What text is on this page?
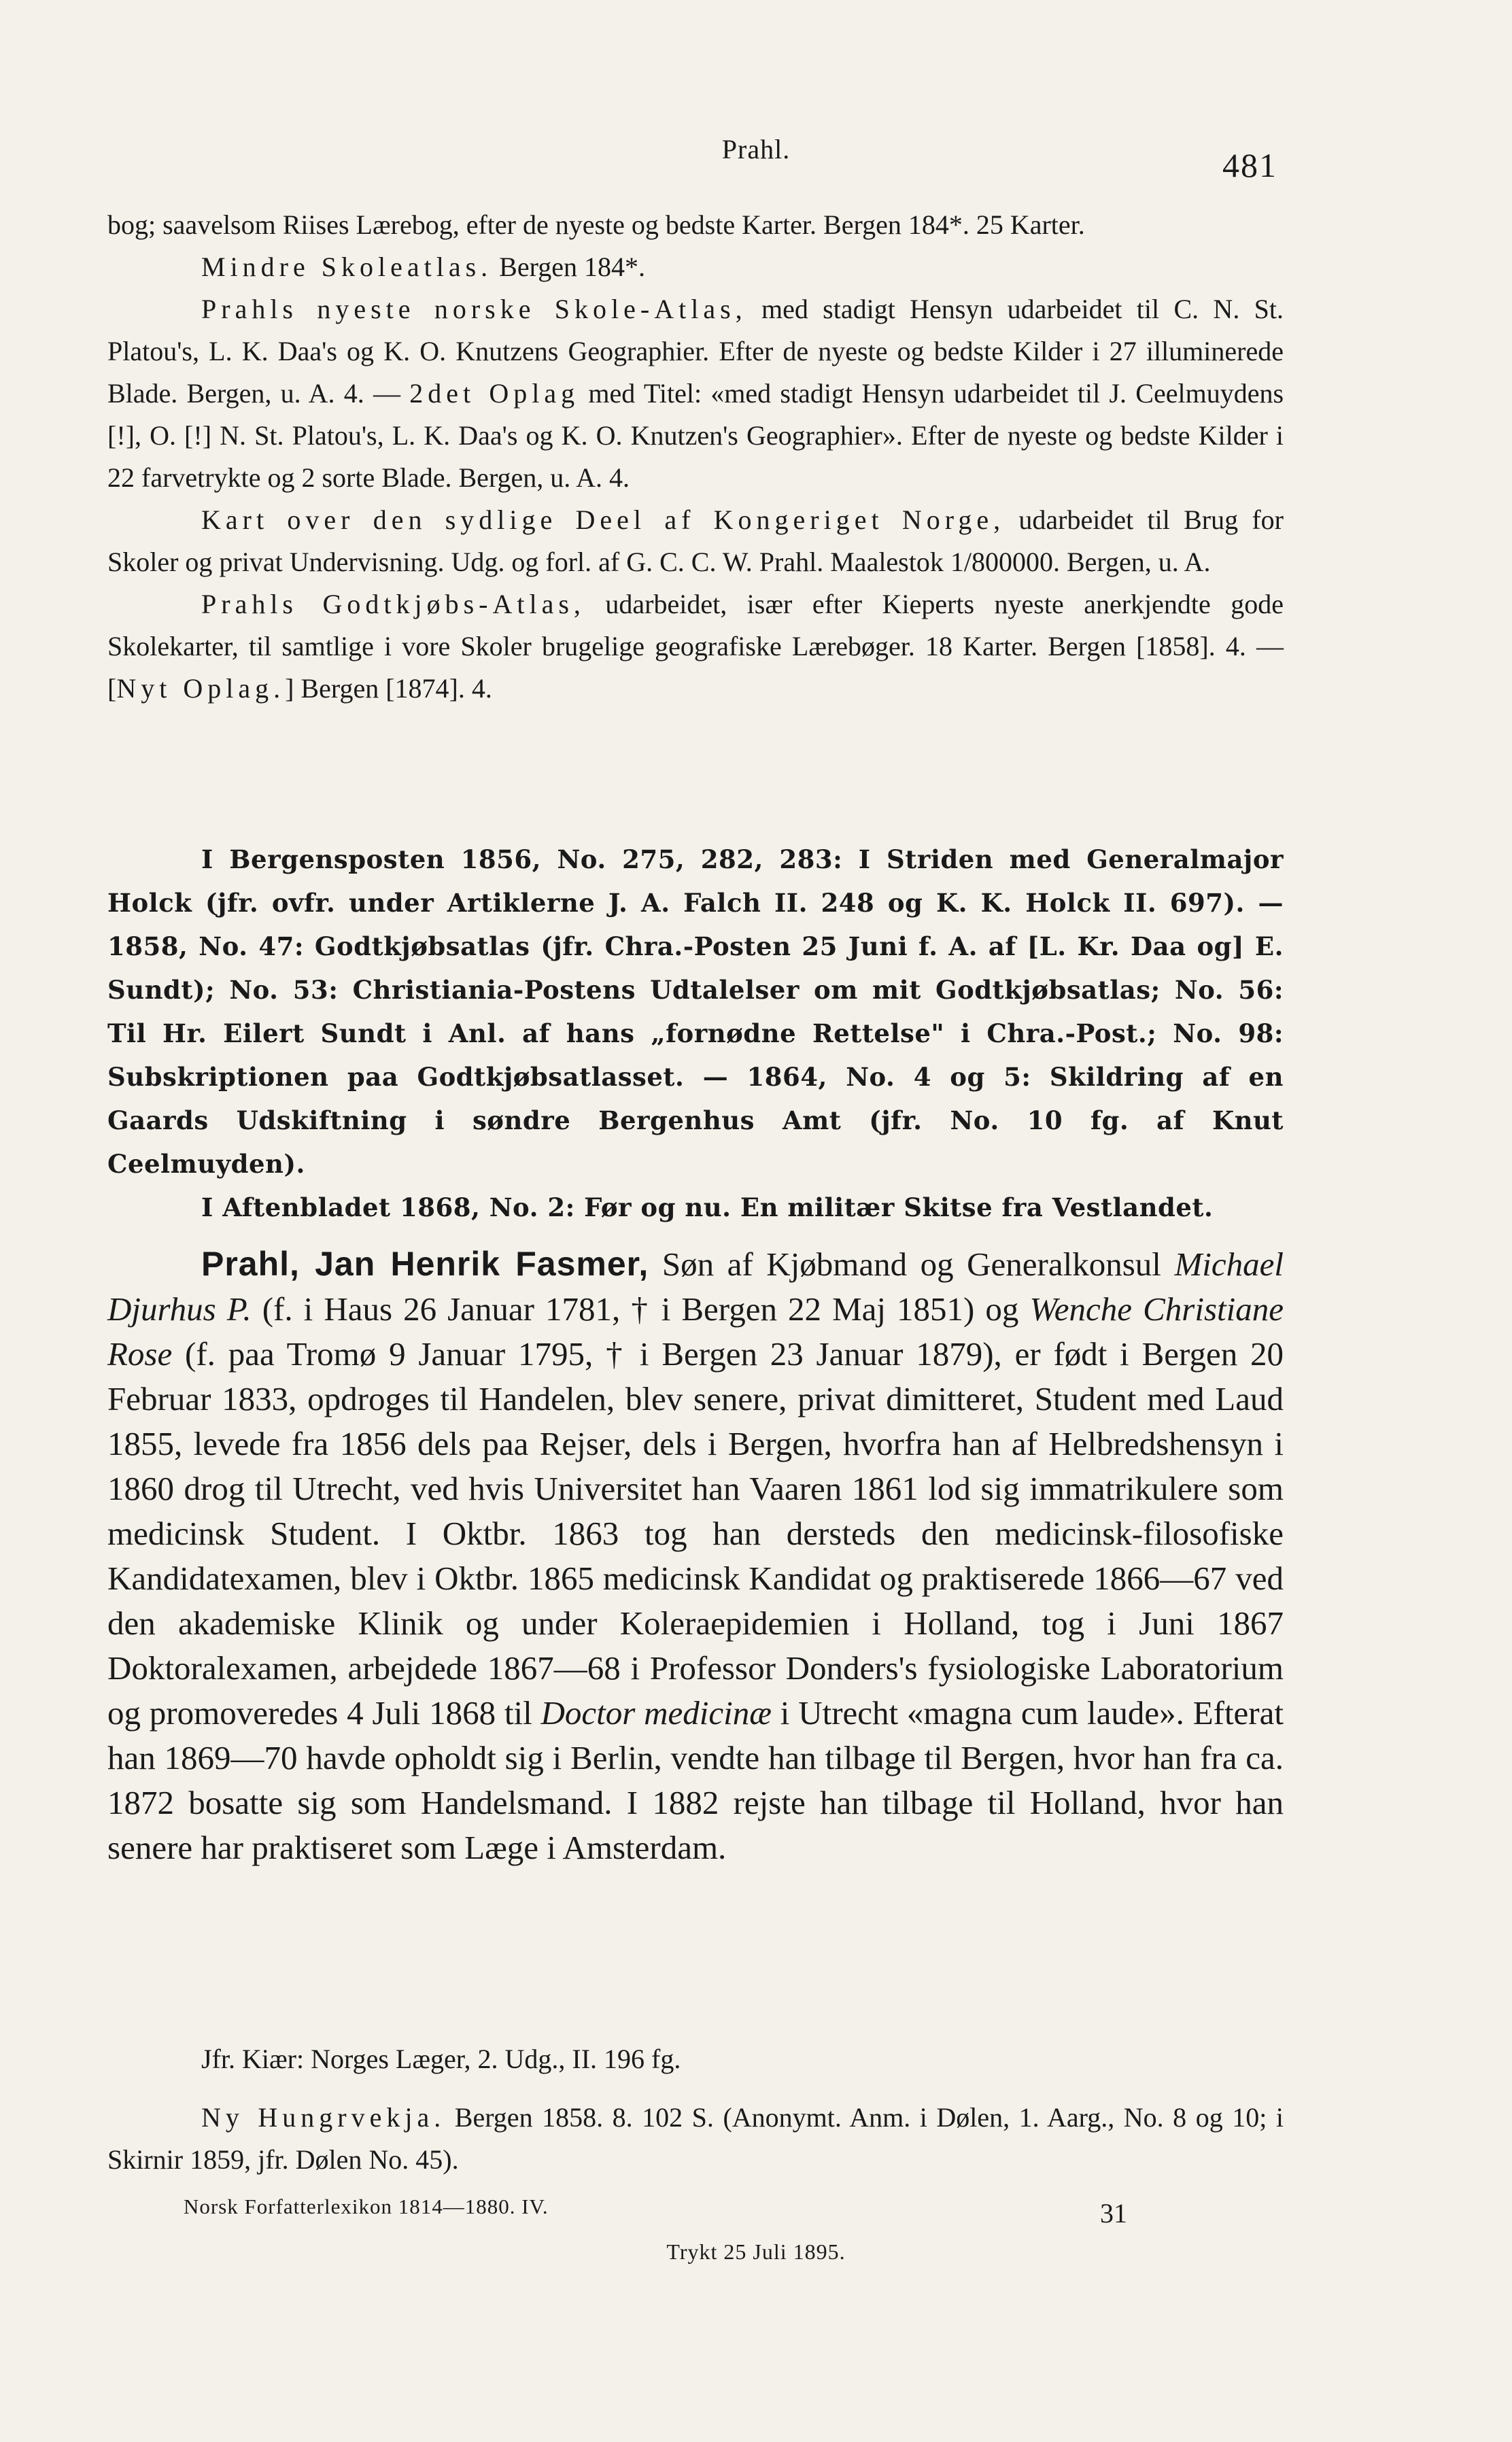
Prahl.	481

bog; saavelsom Riises Lærebog, efter de nyeste og bedste Karter. Bergen 184*. 25 Karter.

Mindre Skoleatlas. Bergen 184*.

Prahls nyeste norske Skole-Atlas, med stadigt Hensyn udarbeidet til C. N. St. Platou's, L. K. Daa's og K. O. Knutzens Geographier. Efter de nyeste og bedste Kilder i 27 illuminerede Blade. Bergen, u. A. 4. — 2det Oplag med Titel: «med stadigt Hensyn udarbeidet til J. Ceelmuydens [!], O. [!] N. St. Platou's, L. K. Daa's og K. O. Knutzen's Geographier». Efter de nyeste og bedste Kilder i 22 farvetrykte og 2 sorte Blade. Bergen, u. A. 4.

Kart over den sydlige Deel af Kongeriget Norge, udarbeidet til Brug for Skoler og privat Undervisning. Udg. og forl. af G. C. C. W. Prahl. Maalestok 1/800000. Bergen, u. A.

Prahls Godtkjøbs-Atlas, udarbeidet, især efter Kieperts nyeste anerkjendte gode Skolekarter, til samtlige i vore Skoler brugelige geografiske Lærebøger. 18 Karter. Bergen [1858]. 4. — [Nyt Oplag.] Bergen [1874]. 4.

I Bergensposten 1856, No. 275, 282, 283: I Striden med Generalmajor Holck (jfr. ovfr. under Artiklerne J. A. Falch II. 248 og K. K. Holck II. 697). — 1858, No. 47: Godtkjøbsatlas (jfr. Chra.-Posten 25 Juni f. A. af [L. Kr. Daa og] E. Sundt); No. 53: Christiania-Postens Udtalelser om mit Godtkjøbsatlas; No. 56: Til Hr. Eilert Sundt i Anl. af hans „fornødne Rettelse" i Chra.-Post.; No. 98: Subskriptionen paa Godtkjøbsatlasset. — 1864, No. 4 og 5: Skildring af en Gaards Udskiftning i søndre Bergenhus Amt (jfr. No. 10 fg. af Knut Ceelmuyden).

I Aftenbladet 1868, No. 2: Før og nu. En militær Skitse fra Vestlandet.

Prahl, Jan Henrik Fasmer, Søn af Kjøbmand og Generalkonsul Michael Djurhus P. (f. i Haus 26 Januar 1781, † i Bergen 22 Maj 1851) og Wenche Christiane Rose (f. paa Tromø 9 Januar 1795, † i Bergen 23 Januar 1879), er født i Bergen 20 Februar 1833, opdroges til Handelen, blev senere, privat dimitteret, Student med Laud 1855, levede fra 1856 dels paa Rejser, dels i Bergen, hvorfra han af Helbredshensyn i 1860 drog til Utrecht, ved hvis Universitet han Vaaren 1861 lod sig immatrikulere som medicinsk Student. I Oktbr. 1863 tog han dersteds den medicinsk-filosofiske Kandidatexamen, blev i Oktbr. 1865 medicinsk Kandidat og praktiserede 1866—67 ved den akademiske Klinik og under Koleraepidemien i Holland, tog i Juni 1867 Doktoralexamen, arbejdede 1867—68 i Professor Donders's fysiologiske Laboratorium og promoveredes 4 Juli 1868 til Doctor medicinæ i Utrecht «magna cum laude». Efterat han 1869—70 havde opholdt sig i Berlin, vendte han tilbage til Bergen, hvor han fra ca. 1872 bosatte sig som Handelsmand. I 1882 rejste han tilbage til Holland, hvor han senere har praktiseret som Læge i Amsterdam.

Jfr. Kiær: Norges Læger, 2. Udg., II. 196 fg.

Ny Hungrvekja. Bergen 1858. 8. 102 S. (Anonymt. Anm. i Dølen, 1. Aarg., No. 8 og 10; i Skirnir 1859, jfr. Dølen No. 45).

Norsk Forfatterlexikon 1814—1880. IV.	31
Trykt 25 Juli 1895.
